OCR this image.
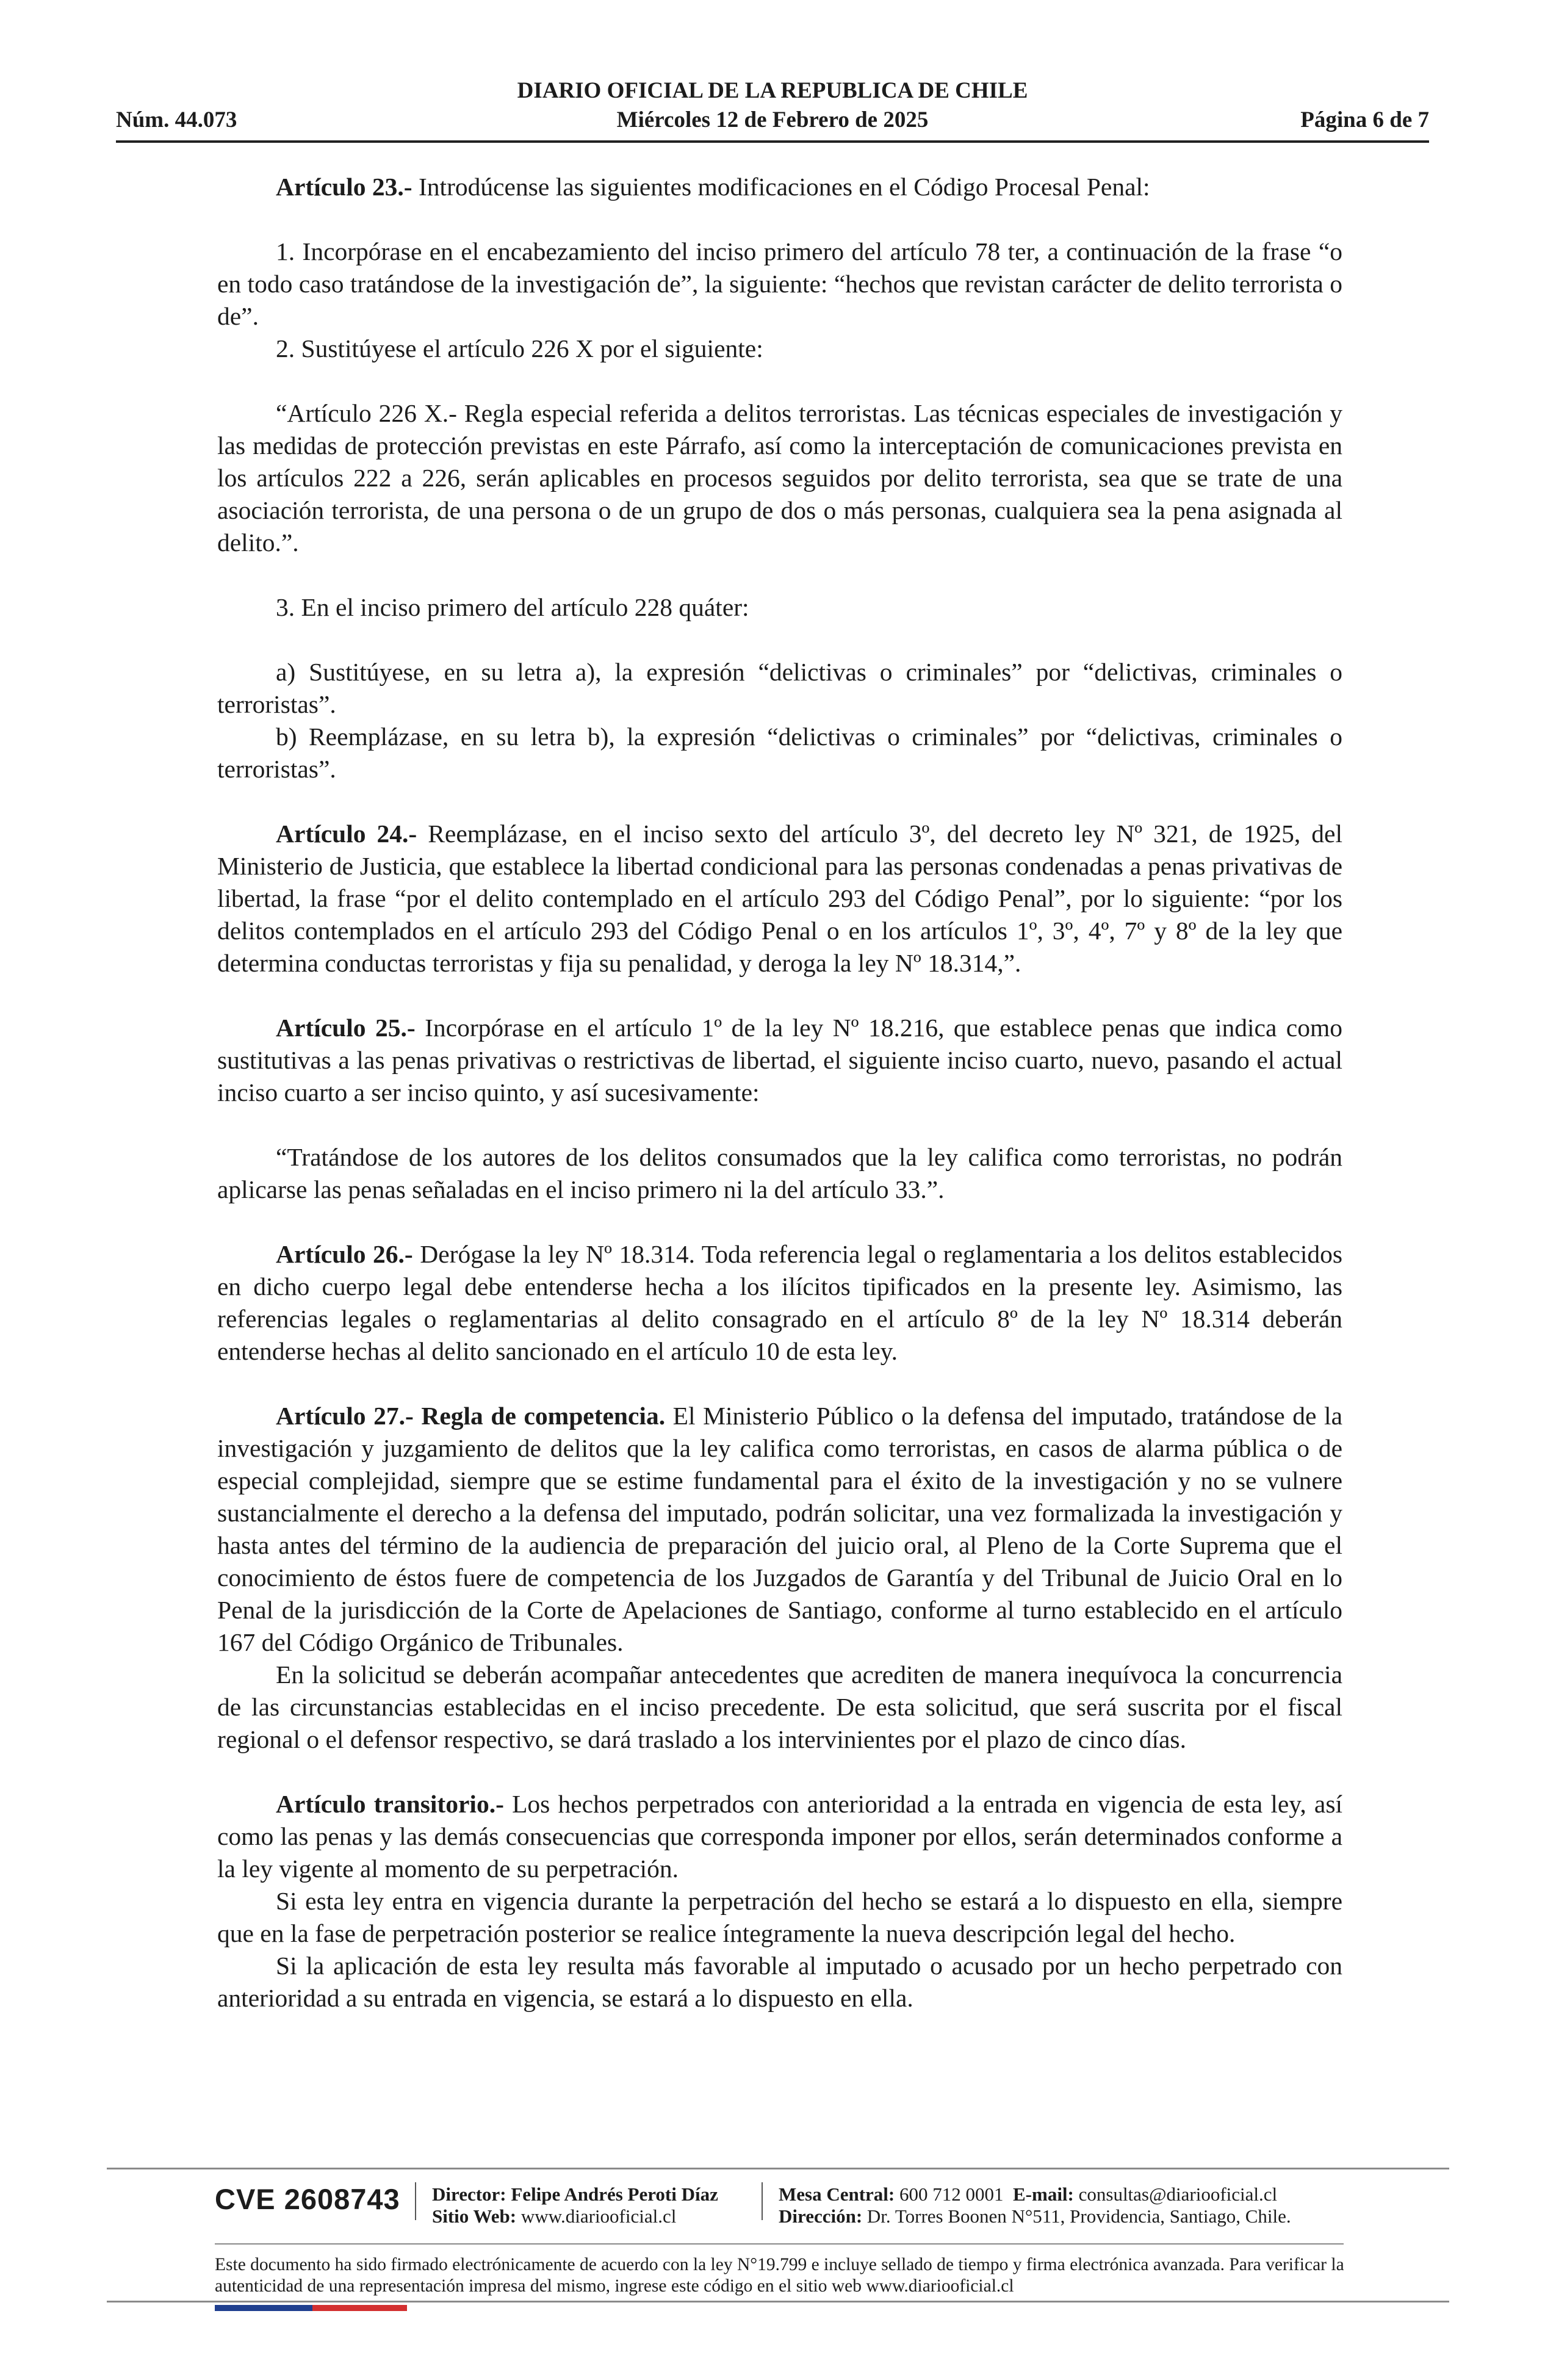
Núm. 44.073
DIARIO OFICIAL DE LA REPUBLICA DE CHILE
Miércoles 12 de Febrero de 2025	Página 6 de 7

Artículo 23.- Introdúcense las siguientes modificaciones en el Código Procesal Penal:

1. Incorpórase en el encabezamiento del inciso primero del artículo 78 ter, a continuación de la frase “o en todo caso tratándose de la investigación de”, la siguiente: “hechos que revistan carácter de delito terrorista o de”.

2. Sustitúyese el artículo 226 X por el siguiente:

“Artículo 226 X.- Regla especial referida a delitos terroristas. Las técnicas especiales de investigación y las medidas de protección previstas en este Párrafo, así como la interceptación de comunicaciones prevista en los artículos 222 a 226, serán aplicables en procesos seguidos por delito terrorista, sea que se trate de una asociación terrorista, de una persona o de un grupo de dos o más personas, cualquiera sea la pena asignada al delito.”.

3. En el inciso primero del artículo 228 quáter:

a) Sustitúyese, en su letra a), la expresión “delictivas o criminales” por “delictivas, criminales o terroristas”.

b) Reemplázase, en su letra b), la expresión “delictivas o criminales” por “delictivas, criminales o terroristas”.

Artículo 24.- Reemplázase, en el inciso sexto del artículo 3º, del decreto ley Nº 321, de 1925, del Ministerio de Justicia, que establece la libertad condicional para las personas condenadas a penas privativas de libertad, la frase “por el delito contemplado en el artículo 293 del Código Penal”, por lo siguiente: “por los delitos contemplados en el artículo 293 del Código Penal o en los artículos 1º, 3º, 4º, 7º y 8º de la ley que determina conductas terroristas y fija su penalidad, y deroga la ley Nº 18.314,”.

Artículo 25.- Incorpórase en el artículo 1º de la ley Nº 18.216, que establece penas que indica como sustitutivas a las penas privativas o restrictivas de libertad, el siguiente inciso cuarto, nuevo, pasando el actual inciso cuarto a ser inciso quinto, y así sucesivamente:

“Tratándose de los autores de los delitos consumados que la ley califica como terroristas, no podrán aplicarse las penas señaladas en el inciso primero ni la del artículo 33.”.

Artículo 26.- Derógase la ley Nº 18.314. Toda referencia legal o reglamentaria a los delitos establecidos en dicho cuerpo legal debe entenderse hecha a los ilícitos tipificados en la presente ley. Asimismo, las referencias legales o reglamentarias al delito consagrado en el artículo 8º de la ley Nº 18.314 deberán entenderse hechas al delito sancionado en el artículo 10 de esta ley.

Artículo 27.- Regla de competencia. El Ministerio Público o la defensa del imputado, tratándose de la investigación y juzgamiento de delitos que la ley califica como terroristas, en casos de alarma pública o de especial complejidad, siempre que se estime fundamental para el éxito de la investigación y no se vulnere sustancialmente el derecho a la defensa del imputado, podrán solicitar, una vez formalizada la investigación y hasta antes del término de la audiencia de preparación del juicio oral, al Pleno de la Corte Suprema que el conocimiento de éstos fuere de competencia de los Juzgados de Garantía y del Tribunal de Juicio Oral en lo Penal de la jurisdicción de la Corte de Apelaciones de Santiago, conforme al turno establecido en el artículo 167 del Código Orgánico de Tribunales.

En la solicitud se deberán acompañar antecedentes que acrediten de manera inequívoca la concurrencia de las circunstancias establecidas en el inciso precedente. De esta solicitud, que será suscrita por el fiscal regional o el defensor respectivo, se dará traslado a los intervinientes por el plazo de cinco días.

Artículo transitorio.- Los hechos perpetrados con anterioridad a la entrada en vigencia de esta ley, así como las penas y las demás consecuencias que corresponda imponer por ellos, serán determinados conforme a la ley vigente al momento de su perpetración.

Si esta ley entra en vigencia durante la perpetración del hecho se estará a lo dispuesto en ella, siempre que en la fase de perpetración posterior se realice íntegramente la nueva descripción legal del hecho.

Si la aplicación de esta ley resulta más favorable al imputado o acusado por un hecho perpetrado con anterioridad a su entrada en vigencia, se estará a lo dispuesto en ella.

CVE 2608743 Director: Felipe Andrés Peroti Díaz
Sitio Web: www.diariooficial.cl
Mesa Central: 600 712 0001 E-mail: consultas@diariooficial.cl
Dirección: Dr. Torres Boonen N°511, Providencia, Santiago, Chile.
Este documento ha sido firmado electrónicamente de acuerdo con la ley N°19.799 e incluye sellado de tiempo y firma electrónica avanzada. Para verificar la autenticidad de una representación impresa del mismo, ingrese este código en el sitio web www.diariooficial.cl
